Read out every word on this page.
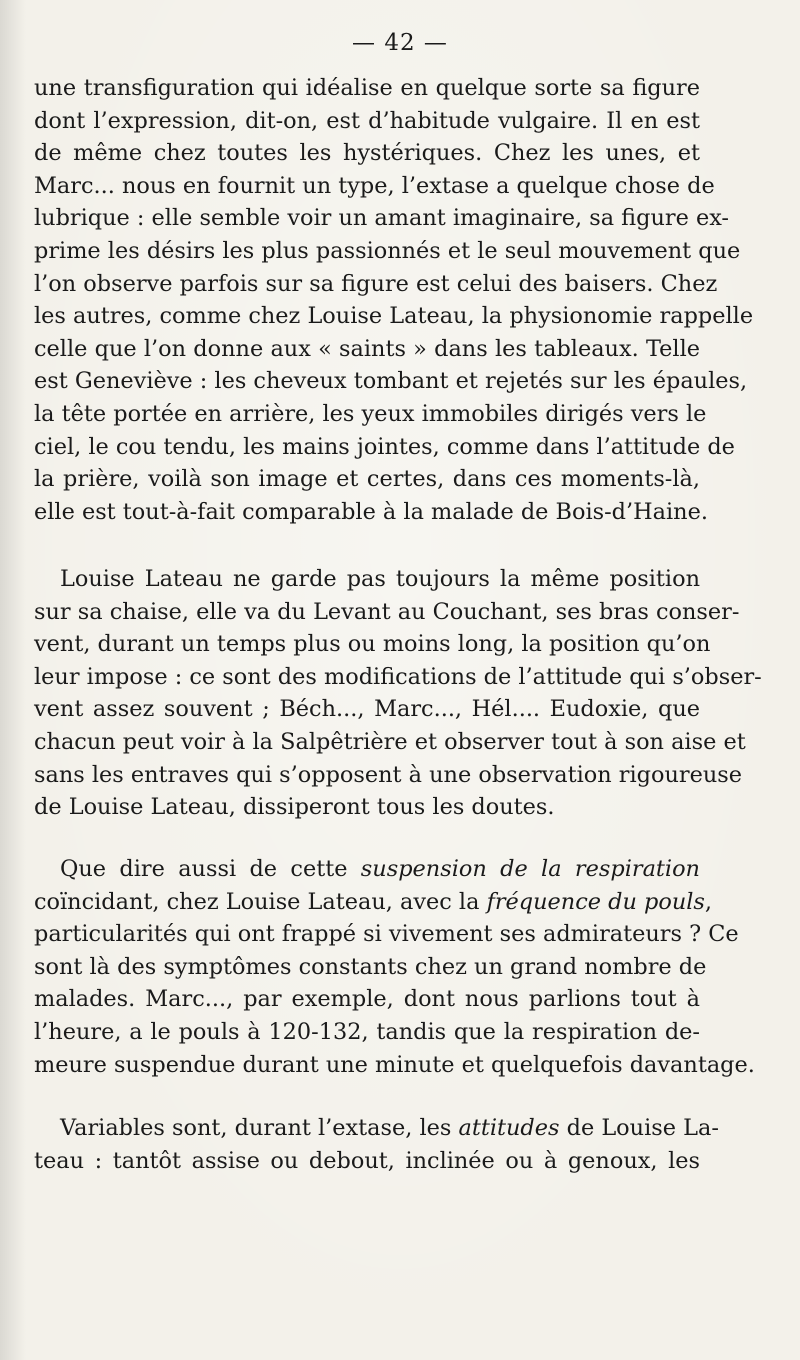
— 42 —
une transfiguration qui idéalise en quelque sorte sa figure
dont l’expression, dit-on, est d’habitude vulgaire. Il en est
de même chez toutes les hystériques. Chez les unes, et
Marc... nous en fournit un type, l’extase a quelque chose de
lubrique : elle semble voir un amant imaginaire, sa figure ex-
prime les désirs les plus passionnés et le seul mouvement que
l’on observe parfois sur sa figure est celui des baisers. Chez
les autres, comme chez Louise Lateau, la physionomie rappelle
celle que l’on donne aux « saints » dans les tableaux. Telle
est Geneviève : les cheveux tombant et rejetés sur les épaules,
la tête portée en arrière, les yeux immobiles dirigés vers le
ciel, le cou tendu, les mains jointes, comme dans l’attitude de
la prière, voilà son image et certes, dans ces moments-là,
elle est tout-à-fait comparable à la malade de Bois-d’Haine.
Louise Lateau ne garde pas toujours la même position
sur sa chaise, elle va du Levant au Couchant, ses bras conser-
vent, durant un temps plus ou moins long, la position qu’on
leur impose : ce sont des modifications de l’attitude qui s’obser-
vent assez souvent ; Béch..., Marc..., Hél.... Eudoxie, que
chacun peut voir à la Salpêtrière et observer tout à son aise et
sans les entraves qui s’opposent à une observation rigoureuse
de Louise Lateau, dissiperont tous les doutes.
Que dire aussi de cette suspension de la respiration
coïncidant, chez Louise Lateau, avec la fréquence du pouls,
particularités qui ont frappé si vivement ses admirateurs ? Ce
sont là des symptômes constants chez un grand nombre de
malades. Marc..., par exemple, dont nous parlions tout à
l’heure, a le pouls à 120-132, tandis que la respiration de-
meure suspendue durant une minute et quelquefois davantage.
Variables sont, durant l’extase, les attitudes de Louise La-
teau : tantôt assise ou debout, inclinée ou à genoux, les
